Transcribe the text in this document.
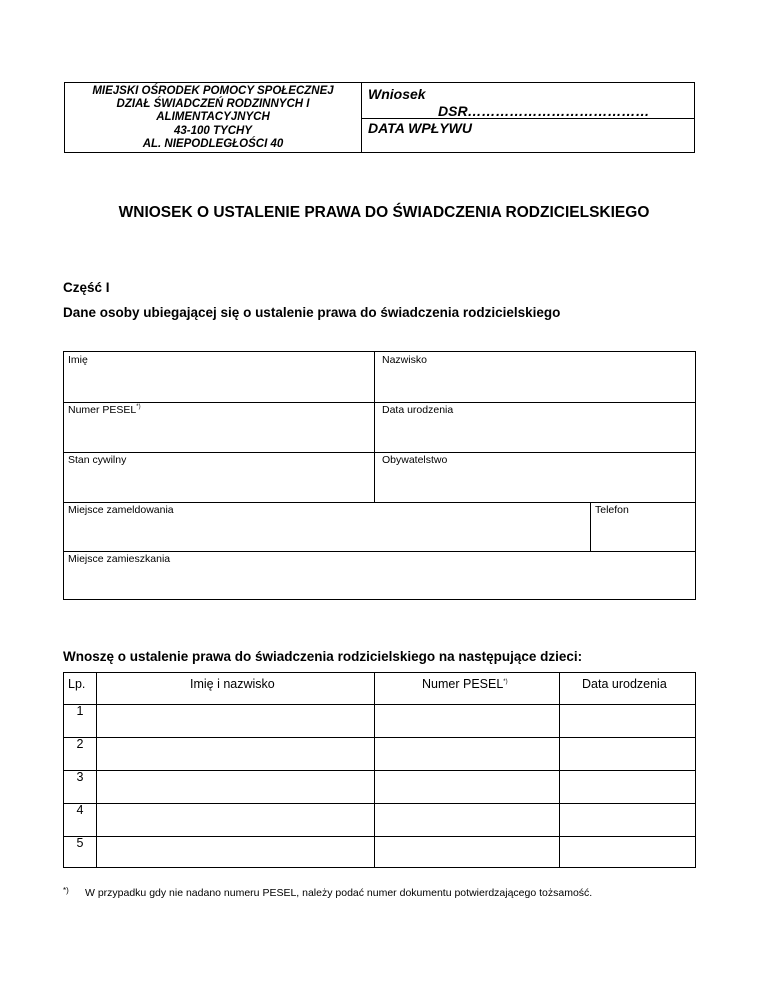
MIEJSKI OŚRODEK POMOCY SPOŁECZNEJ
DZIAŁ ŚWIADCZEŃ RODZINNYCH I
ALIMENTACYJNYCH
43-100 TYCHY
AL. NIEPODLEGŁOŚCI 40
Wniosek
DSR…………………………………
DATA WPŁYWU
WNIOSEK O USTALENIE PRAWA DO ŚWIADCZENIA RODZICIELSKIEGO
Część I
Dane osoby ubiegającej się o ustalenie prawa do świadczenia rodzicielskiego
Imię	Nazwisko
Numer PESEL*)	Data urodzenia
Stan cywilny	Obywatelstwo
Miejsce zameldowania	Telefon
Miejsce zamieszkania
Wnoszę o ustalenie prawa do świadczenia rodzicielskiego na następujące dzieci:
Lp.	Imię i nazwisko	Numer PESEL*)	Data urodzenia
1
2
3
4
5
*) W przypadku gdy nie nadano numeru PESEL, należy podać numer dokumentu potwierdzającego tożsamość.
